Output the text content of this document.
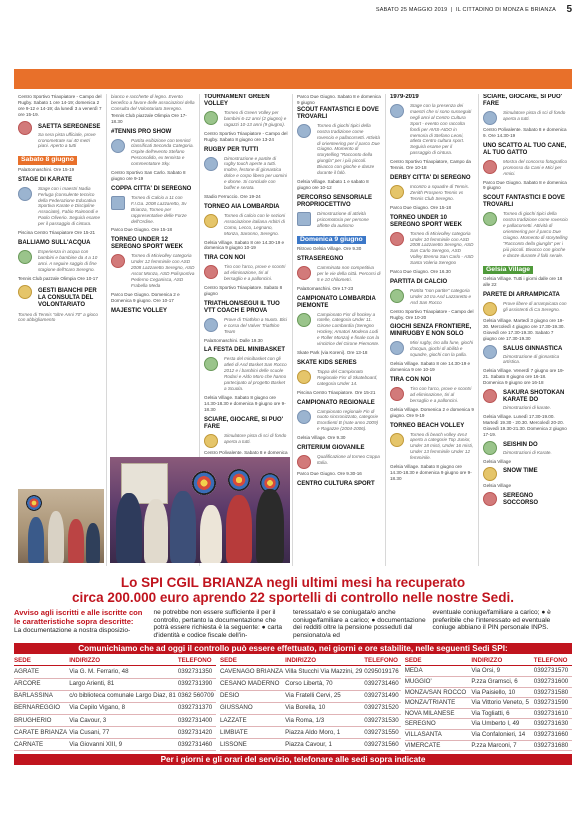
SABATO 25 MAGGIO 2019  |  IL CITTADINO DI MONZA E BRIANZA 5

Centro Sportivo Triaxpiatore - Campo del Rugby. Sabato 1 ore 14-19; domenica 2 ore 9-12 e 14-19; da lunedì 3 a venerdì 7 ore 15-19.

SAETTA SEREGNESE

Sa sera pista ufficiale, prove cronometrate sui 40 metri piani. Aperto a tutti

Sabato 8 giugno

PalaSomaschini. Ore 15-19

STAGE DI KARATE

Stage con i maestri Nadia Ferluga (consulente tecnico della Federazione Educativa Sportiva Karate e Discipline Associate), Fabio Raimondi e Paolo Oliverio. Seguirà esame per il passaggio di cintura.

Piscina Centro Triaxpiatore Ore 15-21

BALLIAMO SULL'ACQUA

Esperienza in acqua con bambini e bambine da 4 a 10 anni. A seguire saggio di fine stagione dell'Icaro Seregno.

Tennis Club pazzale Olimpia Ore 10-17

GESTI BIANCHI PER LA CONSULTA DEL VOLONTARIATO

Torneo di Tennis "oltre Anni 70" a gioco con abbigliamento

bianco e racchette di legno. Evento benefico a favore delle associazioni della Consulta del Volontariato Seregno.

Tennis Club piazzale Olimpia Ore 17-18.30

#TENNIS PRO SHOW

Partita esibizione con tennisti classificati Seconda Categoria. Ospite dell'evento Stefano Pescosolido, ex tennista e commentatore Sky.

Centro Sportivo San Carlo. Sabato 8 giugno ore 9-19

COPPA CITTA' DI SEREGNO

Torneo di Calcio a 11 con F.I.Ga. 2008 Lazzaretto, Sv Brianza, Torneo per rappresentative delle Forze dell'Ordine.

Parco Due Giugno. Ore 15-18

TORNEO UNDER 12 SEREGNO SPORT WEEK

Torneo di Minivolley categoria Under 12 femminile con ASD 2008 Lazzaretto Seregno, ASD Ascot Monza, ASD Polisportiva Pederno Ceganisca, ASD Frabella Meda

Parco Due Giugno. Domenica 2 e Domenica 9 giugno. Ore 10-17

MAJESTIC VOLLEY

TOURNAMENT GREEN VOLLEY

Torneo di Green Volley per bambini 6-12 anni (2 giugno) e ragazzi 10-13 anni (9 giugno).

Centro Sportivo Triaxpiatore - Campo del Rugby. Sabato 8 giugno ore 13-24

RUGBY PER TUTTI

Dimostrazione e partite di rugby touch aperte a tutti. Inoltre, festone di ginnastica dolce e corpo libero per uomini e donne. Si conclude con buffet e serata.

Stadio Ferruccio. Ore 19-24

TORNEO AIA LOMBARDIA

Torneo di calcio con le sezioni Associazione italiana Arbitri di Como, Lecco, Legnano, Monza, Saronno, Seregno.

Gelsia Village. Sabato 8 ore 14.30-19 e domenica 9 giugno 10-19

TIRA CON NOI

Tiro con l'arco, prove e scontri ad eliminazione, tiri al bersaglio e a palloncini.

Centro Sportivo Triaxpiatore. Sabato 8 giugno

TRIATHLON/SEGUI IL TUO VTT COACH E PROVA

Prove di Triathlon a Nuoto. Bici e corsa del Valver Triathlon Team

PalaSomaschini. Dalle 19.30

LA FESTA DEL MINIBASKET

Festa del minibasket con gli atleti di Asd Basket San Rocco 2012 e i bambini delle scuole Rodari e Aldo Moro che hanno partecipato al progetto Basket a Scuola.

Gelsia Village. Sabato 8 giugno ore 14.30-18.30 e domenica 9 giugno ore 9-18.30

SCIARE, GIOCARE, SI PUO' FARE

Simulatore pista di sci di fondo aperta a tutti.

Centro Polivalente. Sabato 8 e domenica

Parco Due Giugno. Sabato 8 e domenica 9 giugno

SCOUT FANTASTICI E DOVE TROVARLI

Torneo di giochi tipici della nostra tradizione come rovescio e pallacorsetti. Attività di orienteering per il parco Due Giugno. Momento di storytelling "Racconto della giungla" per i più piccoli. Bivacco con gioche e danze durante il falò.

Gelsia Village. Sabato 1 e sabato 8 giugno ore 10-12

PERCORSO SENSORIALE PROPRIOCETTIVO

Dimostrazione di attività psicomotoria per persone affette da autismo

Domenica 9 giugno

Ritrovo Gelsia Village. Ore 9.30

STRASEREGNO

Camminata non competitiva per le vie della città. Percorsi di 5 e 10 chilometri.

PalaSomaschini. Ore 17-23

CAMPIONATO LOMBARDIA PIEMONTE

Campionato Fisr di hockey a rotelle, categoria Under 11. Girone Lombardia (Seregno Hockey, Amatori Modena Lodi e Roller Monza) e finale con la vincitrice del Girone Piemonte.

Skate Park (via Koreni). Ore 13-18

SKATE KIDS SERIES

Tappa del Campionato Regionale Fisr di Skateboard, categoria Under 14.

Piscina Centro Triaxpiatore. Ore 15-21

CAMPIONATO REGIONALE

Campionato regionale Fin di nuoto sincronizzato, categorie Esordienti B (nate anno 2009) e Ragazze (2004-2006).

Gelsia Village. Ore 9.30

CRITERIUM GIOVANILE

Qualificazione al torneo Coppa Italia.

Parco Due Giugno. Ore 9.30-16

CENTRO CULTURA SPORT

1979-2019

Stage con la presenza dei maestri che si sono susseguiti negli anni al Centro Cultura Sport - evento con raccolta fondi per AVIS-AIDO in memoria di Stefano Leoni, atleta Centro cultura sport. Seguirà esame per il passaggio di cintura.

Centro Sportivo Triaxpiatore, Campo da Tennis. Ore 10-18

DERBY CITTA' DI SEREGNO

Incontro a squadre di Tennis. Zenith Prospero Tennis vs Tennis Club Seregno.

Parco Due Giugno. Ore 15-18

TORNEO UNDER 10 SEREGNO SPORT WEEK

Torneo di Minivolley categoria Under 10 femminile con ASD 2008 Lazzaretto Seregno, ASD San Carlo Seregno, ASD Volley Brenna San Carlo - ASD Santa Valeria Seregno

Parco Due Giugno. Ore 16.30

PARTITA DI CALCIO

Partita "non partite" categoria Under 10 tra Asd Lazzaretto e Asd San Rocco

Centro Sportivo Triaxpiatore - Campo del Rugby. Ore 10-20

GIOCHI SENZA FRONTIERE, MINIRUGBY E NON SOLO

Mini rugby, tiro alla fune, giochi d'acqua, giochi di abilità e squadre, giochi con la palla.

Gelsia Village. Sabato 8 ore 14.30-19 e domenica 9 ore 10-19

TIRA CON NOI

Tiro con l'arco, prove e scontri ad eliminazione, tiri al bersaglio e a palloncini.

Gelsia Village. Domenica 2 e domenica 9 giugno. Ore 9-19

TORNEO BEACH VOLLEY

Torneo di beach volley 4vs4 aperto a categorie Top Junior, Under 18 misti, Under 16 misti, Under 13 femminile Under 12 femminile.

Gelsia Village. Sabato 8 giugno ore 14.30-18.30 e domenica 9 giugno ore 9-18.30

SCIARE, GIOCARE, SI PUO' FARE

Simulatore pista di sci di fondo aperta a tutti.

Centro Polivalente. Sabato 8 e domenica 9. Ore 14.30-19

UNO SCATTO AL TUO CANE, AL TUO GATTO

Mostra del concorso fotografico promosso da Cani e Mici per Amici.

Parco Due Giugno. Sabato 8 e domenica 9 giugno

SCOUT FANTASTICI E DOVE TROVARLI

Torneo di giochi tipici della nostra tradizione come rovescio e pallacorsetti. Attività di orienteering per il parco Due Giugno. Momento di storytelling "Racconto della giungla" per i più piccoli. Bivacco con gioche e danze durante il falò serale.

Gelsia Village

Gelsia Village. Tutti i giorni dalle ore 18 alle 22

PARETE DI ARRAMPICATA

Prove libere di arrampicata con gli assistenti di Ca Seregno.

Gelsia Village. Martedì 3 giugno ore 19-30. Mercoledì 4 giugno ore 17.30-19.30. Giovedì ore 17.30-19.30. Sabato 7 giugno ore 17.30-19.30

SALUS GINNASTICA

Dimostrazione di ginnastica artistica.

Gelsia Village. Venerdì 7 giugno ore 19-21. Sabato 8 giugno ore 16-18. Domenica 9 giugno ore 16-18

SAKURA SHOTOKAN KARATE DO

Dimostrazioni di karate.

Gelsia Village. Lunedì 17.30-19.00. Martedì 19.30 - 20.30. Mercoledì 20-20. Giovedì 19.30-21.30. Domenica 2 giugno 17-19.

SEISHIN DO

Dimostrazioni di Karate.

Gelsia Village

SNOW TIME

Gelsia Village

SEREGNO SOCCORSO

Lo SPI CGIL BRIANZA negli ultimi mesi ha recuperato
circa 200.000 euro aprendo 22 sportelli di controllo nelle nostre Sedi.

Avviso agli iscritti e alle iscritte con le caratteristiche sopra descritte:

La documentazione a nostra disposizio-

ne potrebbe non essere sufficiente il per il controllo, pertanto la documentazione che potrà essere richiesta è la seguente: ● carta d'identità e codice fiscale dell'in-

teressata/o e se coniugata/o anche coniuge/familiare a carico; ● documentazione dei redditi oltre la pensione posseduti dal pensionato/a ed

eventuale coniuge/familiare a carico; ● è preferibile che l'interessato ed eventuale coniuge abbiano il PIN personale INPS.

Comunichiamo che ad oggi il controllo può essere effettuato, nei giorni e ore stabilite, nelle seguenti Sedi SPI:
SEDE	INDIRIZZO	TELEFONO
AGRATE	Via G. M. Ferrario, 48	0392731350
ARCORE	Largo Arienti, 81	0392731390
BARLASSINA	c/o biblioteca comunale Largo Diaz, 81	0362 560709
BERNAREGGIO	Via Cepilo Vigano, 8	0392731370
BRUGHERIO	Via Cavour, 3	0392731400
CARATE BRIANZA	Via Cusani, 77	0392731420
CARNATE	Via Giovanni XIII, 9	0392731460
SEDE	INDIRIZZO	TELEFONO
CAVENAGO BRIANZA	Villa Stucchi Via Mazzini, 29	0295019176
CESANO MADERNO	Corso Libertà, 70	0392731460
DESIO	Via Fratelli Cervi, 25	0392731490
GIUSSANO	Via Borella, 10	0392731520
LAZZATE	Via Roma, 1/3	0392731530
LIMBIATE	Piazza Aldo Moro, 1	0392731550
LISSONE	Piazza Cavour, 1	0392731560
SEDE	INDIRIZZO	TELEFONO
MEDA	Via Orsi, 9	0392731570
MUGGIO'	P.zza Gramsci, 6	0392731600
MONZA/SAN ROCCO	Via Paisiello, 10	0392731580
MONZA/TRIANTE	Via Vittorio Veneto, 5	0392731590
NOVA MILANESE	Via Togliatti, 6	0392731610
SEREGNO	Via Umberto I, 49	0392731630
VILLASANTA	Via Confalonieri, 14	0392731660
VIMERCATE	P.zza Marconi, 7	0392731680
Per i giorni e gli orari del servizio, telefonare alle sedi sopra indicate
